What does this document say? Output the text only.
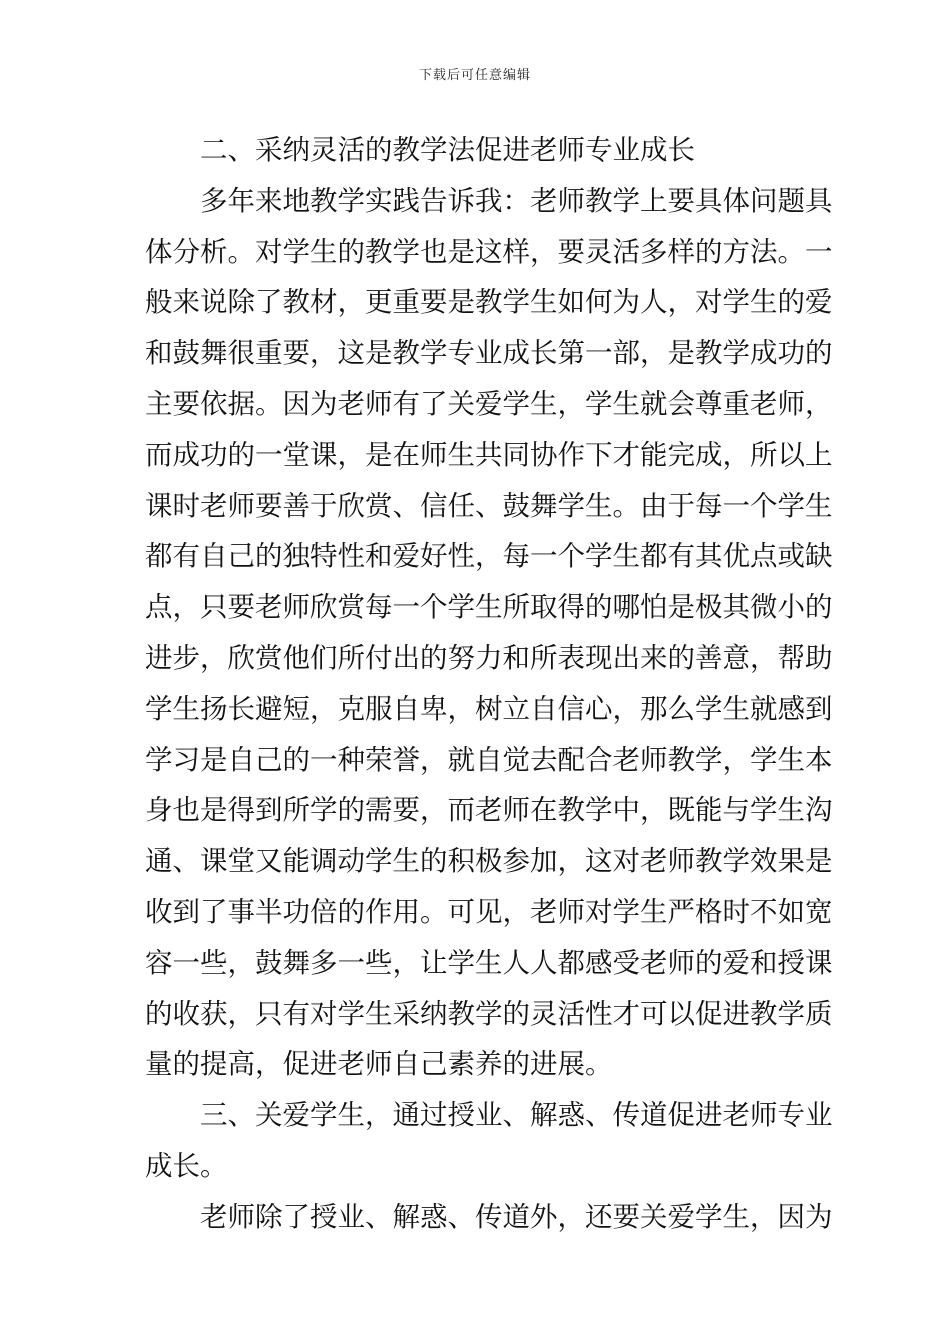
下载后可任意编辑
二、采纳灵活的教学法促进老师专业成长
多年来地教学实践告诉我：老师教学上要具体问题具
体分析。对学生的教学也是这样，要灵活多样的方法。一
般来说除了教材，更重要是教学生如何为人，对学生的爱
和鼓舞很重要，这是教学专业成长第一部，是教学成功的
主要依据。因为老师有了关爱学生，学生就会尊重老师，
而成功的一堂课，是在师生共同协作下才能完成，所以上
课时老师要善于欣赏、信任、鼓舞学生。由于每一个学生
都有自己的独特性和爱好性，每一个学生都有其优点或缺
点，只要老师欣赏每一个学生所取得的哪怕是极其微小的
进步，欣赏他们所付出的努力和所表现出来的善意，帮助
学生扬长避短，克服自卑，树立自信心，那么学生就感到
学习是自己的一种荣誉，就自觉去配合老师教学，学生本
身也是得到所学的需要，而老师在教学中，既能与学生沟
通、课堂又能调动学生的积极参加，这对老师教学效果是
收到了事半功倍的作用。可见，老师对学生严格时不如宽
容一些，鼓舞多一些，让学生人人都感受老师的爱和授课
的收获，只有对学生采纳教学的灵活性才可以促进教学质
量的提高，促进老师自己素养的进展。
三、关爱学生，通过授业、解惑、传道促进老师专业
成长。
老师除了授业、解惑、传道外，还要关爱学生，因为
